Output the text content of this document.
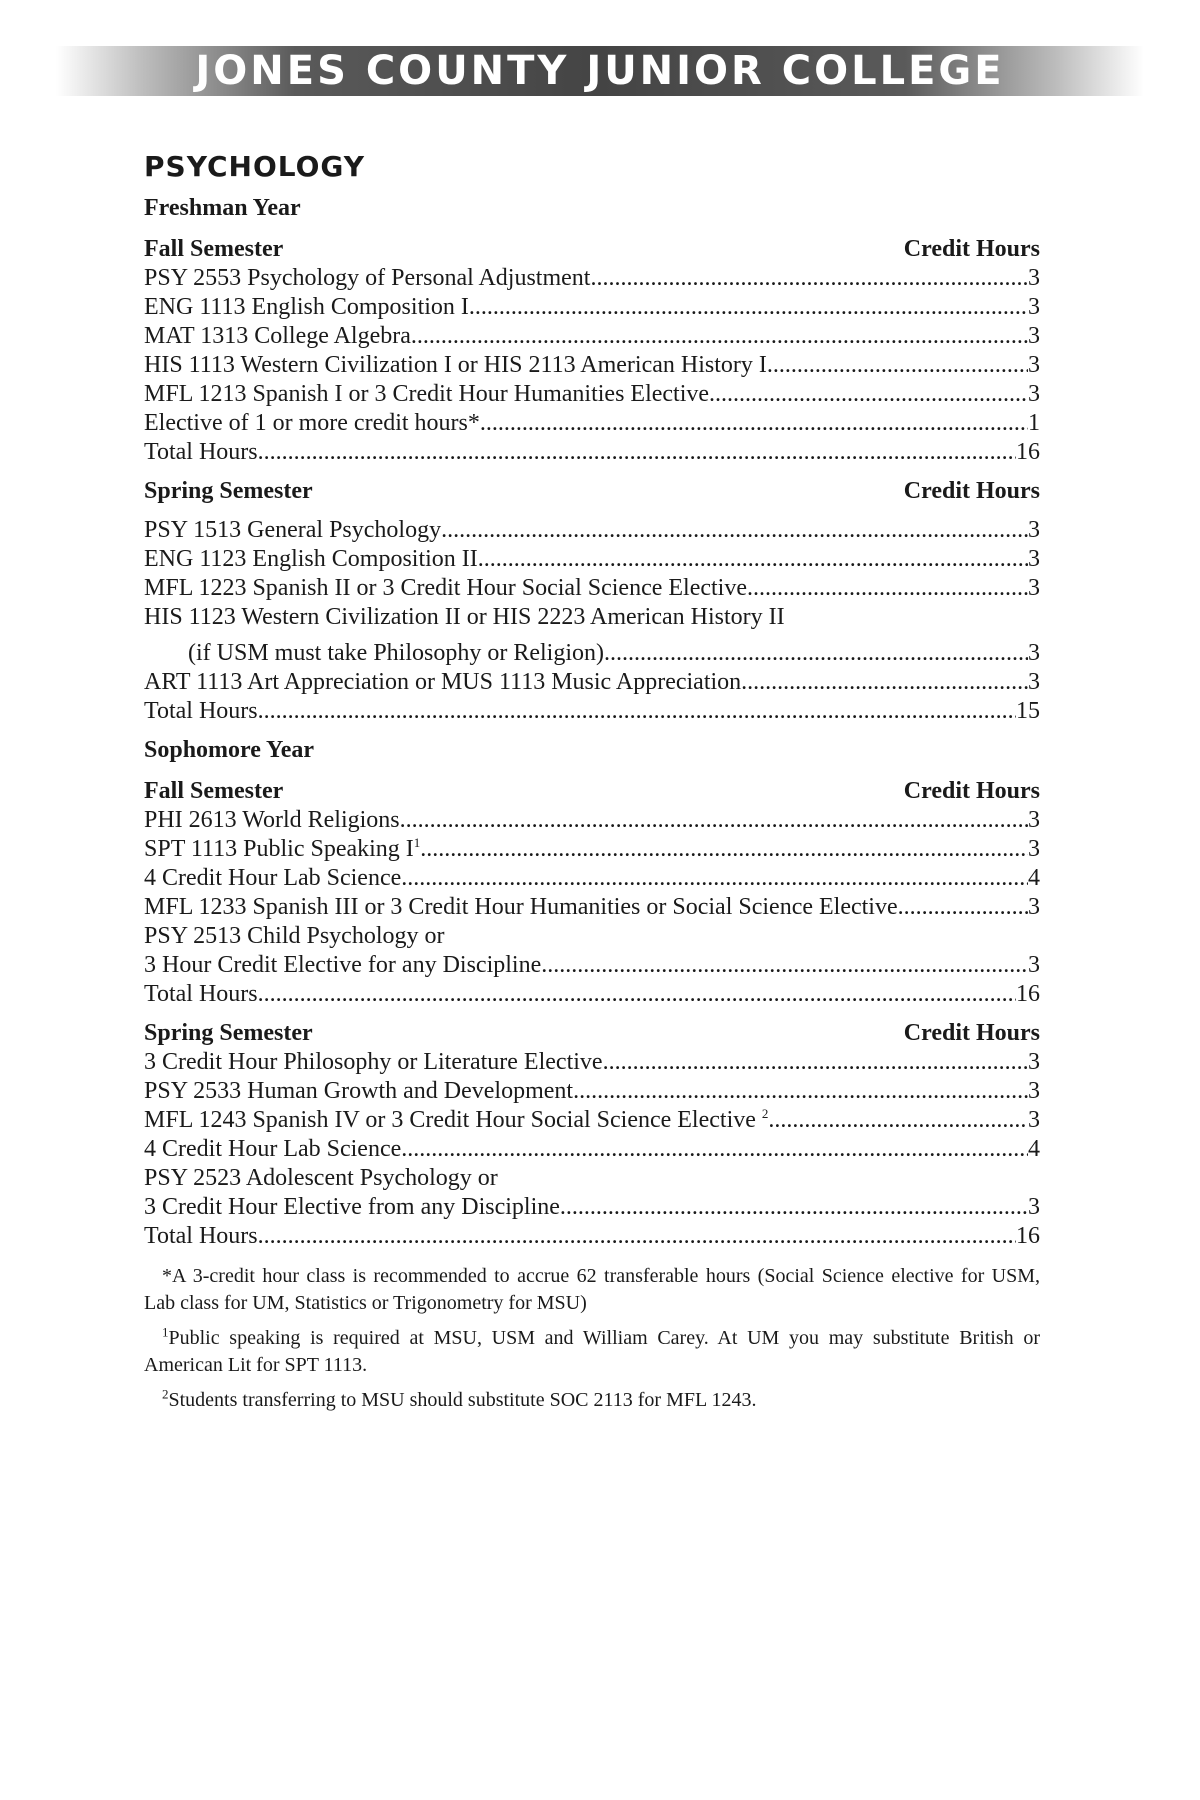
JONES COUNTY JUNIOR COLLEGE
PSYCHOLOGY
Freshman Year
Fall Semester	Credit Hours
PSY 2553 Psychology of Personal Adjustment .....	3
ENG 1113 English Composition I .....	3
MAT 1313 College Algebra .....	3
HIS 1113 Western Civilization I or HIS 2113 American History I .....	3
MFL 1213 Spanish I or 3 Credit Hour Humanities Elective .....	3
Elective of 1 or more credit hours* .....	1
Total Hours .....	16
Spring Semester	Credit Hours
PSY 1513 General Psychology .....	3
ENG 1123 English Composition II .....	3
MFL 1223 Spanish II or 3 Credit Hour Social Science Elective .....	3
HIS 1123 Western Civilization II or HIS 2223 American History II
(if USM must take Philosophy or Religion) .....	3
ART 1113 Art Appreciation or MUS 1113 Music Appreciation .....	3
Total Hours .....	15
Sophomore Year
Fall Semester	Credit Hours
PHI 2613 World Religions .....	3
SPT 1113 Public Speaking $I^1$ .....	3
4 Credit Hour Lab Science .....	4
MFL 1233 Spanish III or 3 Credit Hour Humanities or Social Science Elective .....	3
PSY 2513 Child Psychology or
3 Hour Credit Elective for any Discipline .....	3
Total Hours .....	16
Spring Semester	Credit Hours
3 Credit Hour Philosophy or Literature Elective .....	3
PSY 2533 Human Growth and Development .....	3
MFL 1243 Spanish IV or 3 Credit Hour Social Science Elective $^2$ .....	3
4 Credit Hour Lab Science .....	4
PSY 2523 Adolescent Psychology or
3 Credit Hour Elective from any Discipline .....	3
Total Hours .....	16
*A 3-credit hour class is recommended to accrue 62 transferable hours (Social Science elective for USM, Lab class for UM, Statistics or Trigonometry for MSU)
$^1$Public speaking is required at MSU, USM and William Carey. At UM you may substitute British or American Lit for SPT 1113.
$^2$Students transferring to MSU should substitute SOC 2113 for MFL 1243.
